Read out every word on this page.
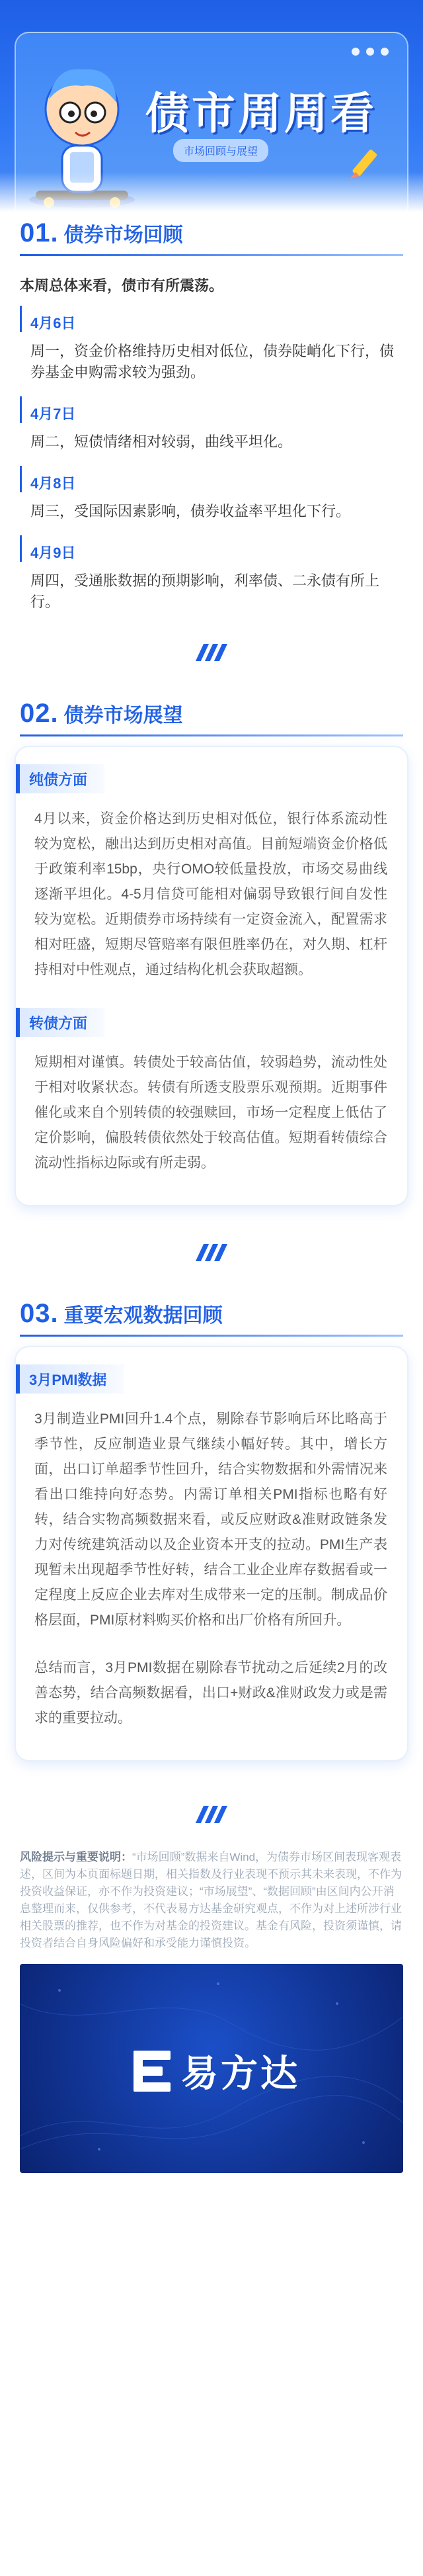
债市周周看
市场回顾与展望
01. 债券市场回顾
本周总体来看，债市有所震荡。
4月6日
周一，资金价格维持历史相对低位，债券陡峭化下行，债券基金申购需求较为强劲。
4月7日
周二，短债情绪相对较弱，曲线平坦化。
4月8日
周三，受国际因素影响，债券收益率平坦化下行。
4月9日
周四，受通胀数据的预期影响，利率债、二永债有所上行。
02. 债券市场展望
纯债方面
4月以来，资金价格达到历史相对低位，银行体系流动性较为宽松，融出达到历史相对高值。目前短端资金价格低于政策利率15bp，央行OMO较低量投放，市场交易曲线逐渐平坦化。4-5月信贷可能相对偏弱导致银行间自发性较为宽松。近期债券市场持续有一定资金流入，配置需求相对旺盛，短期尽管赔率有限但胜率仍在，对久期、杠杆持相对中性观点，通过结构化机会获取超额。
转债方面
短期相对谨慎。转债处于较高估值，较弱趋势，流动性处于相对收紧状态。转债有所透支股票乐观预期。近期事件催化或来自个别转债的较强赎回，市场一定程度上低估了定价影响，偏股转债依然处于较高估值。短期看转债综合流动性指标边际或有所走弱。
03. 重要宏观数据回顾
3月PMI数据
3月制造业PMI回升1.4个点，剔除春节影响后环比略高于季节性，反应制造业景气继续小幅好转。其中，增长方面，出口订单超季节性回升，结合实物数据和外需情况来看出口维持向好态势。内需订单相关PMI指标也略有好转，结合实物高频数据来看，或反应财政&准财政链条发力对传统建筑活动以及企业资本开支的拉动。PMI生产表现暂未出现超季节性好转，结合工业企业库存数据看或一定程度上反应企业去库对生成带来一定的压制。制成品价格层面，PMI原材料购买价格和出厂价格有所回升。
总结而言，3月PMI数据在剔除春节扰动之后延续2月的改善态势，结合高频数据看，出口+财政&准财政发力或是需求的重要拉动。
风险提示与重要说明：“市场回顾”数据来自Wind，为债券市场区间表现客观表述，区间为本页面标题日期，相关指数及行业表现不预示其未来表现，不作为投资收益保证，亦不作为投资建议；“市场展望”、“数据回顾”由区间内公开消息整理而来，仅供参考，不代表易方达基金研究观点，不作为对上述所涉行业相关股票的推荐，也不作为对基金的投资建议。基金有风险，投资须谨慎，请投资者结合自身风险偏好和承受能力谨慎投资。
易方达
